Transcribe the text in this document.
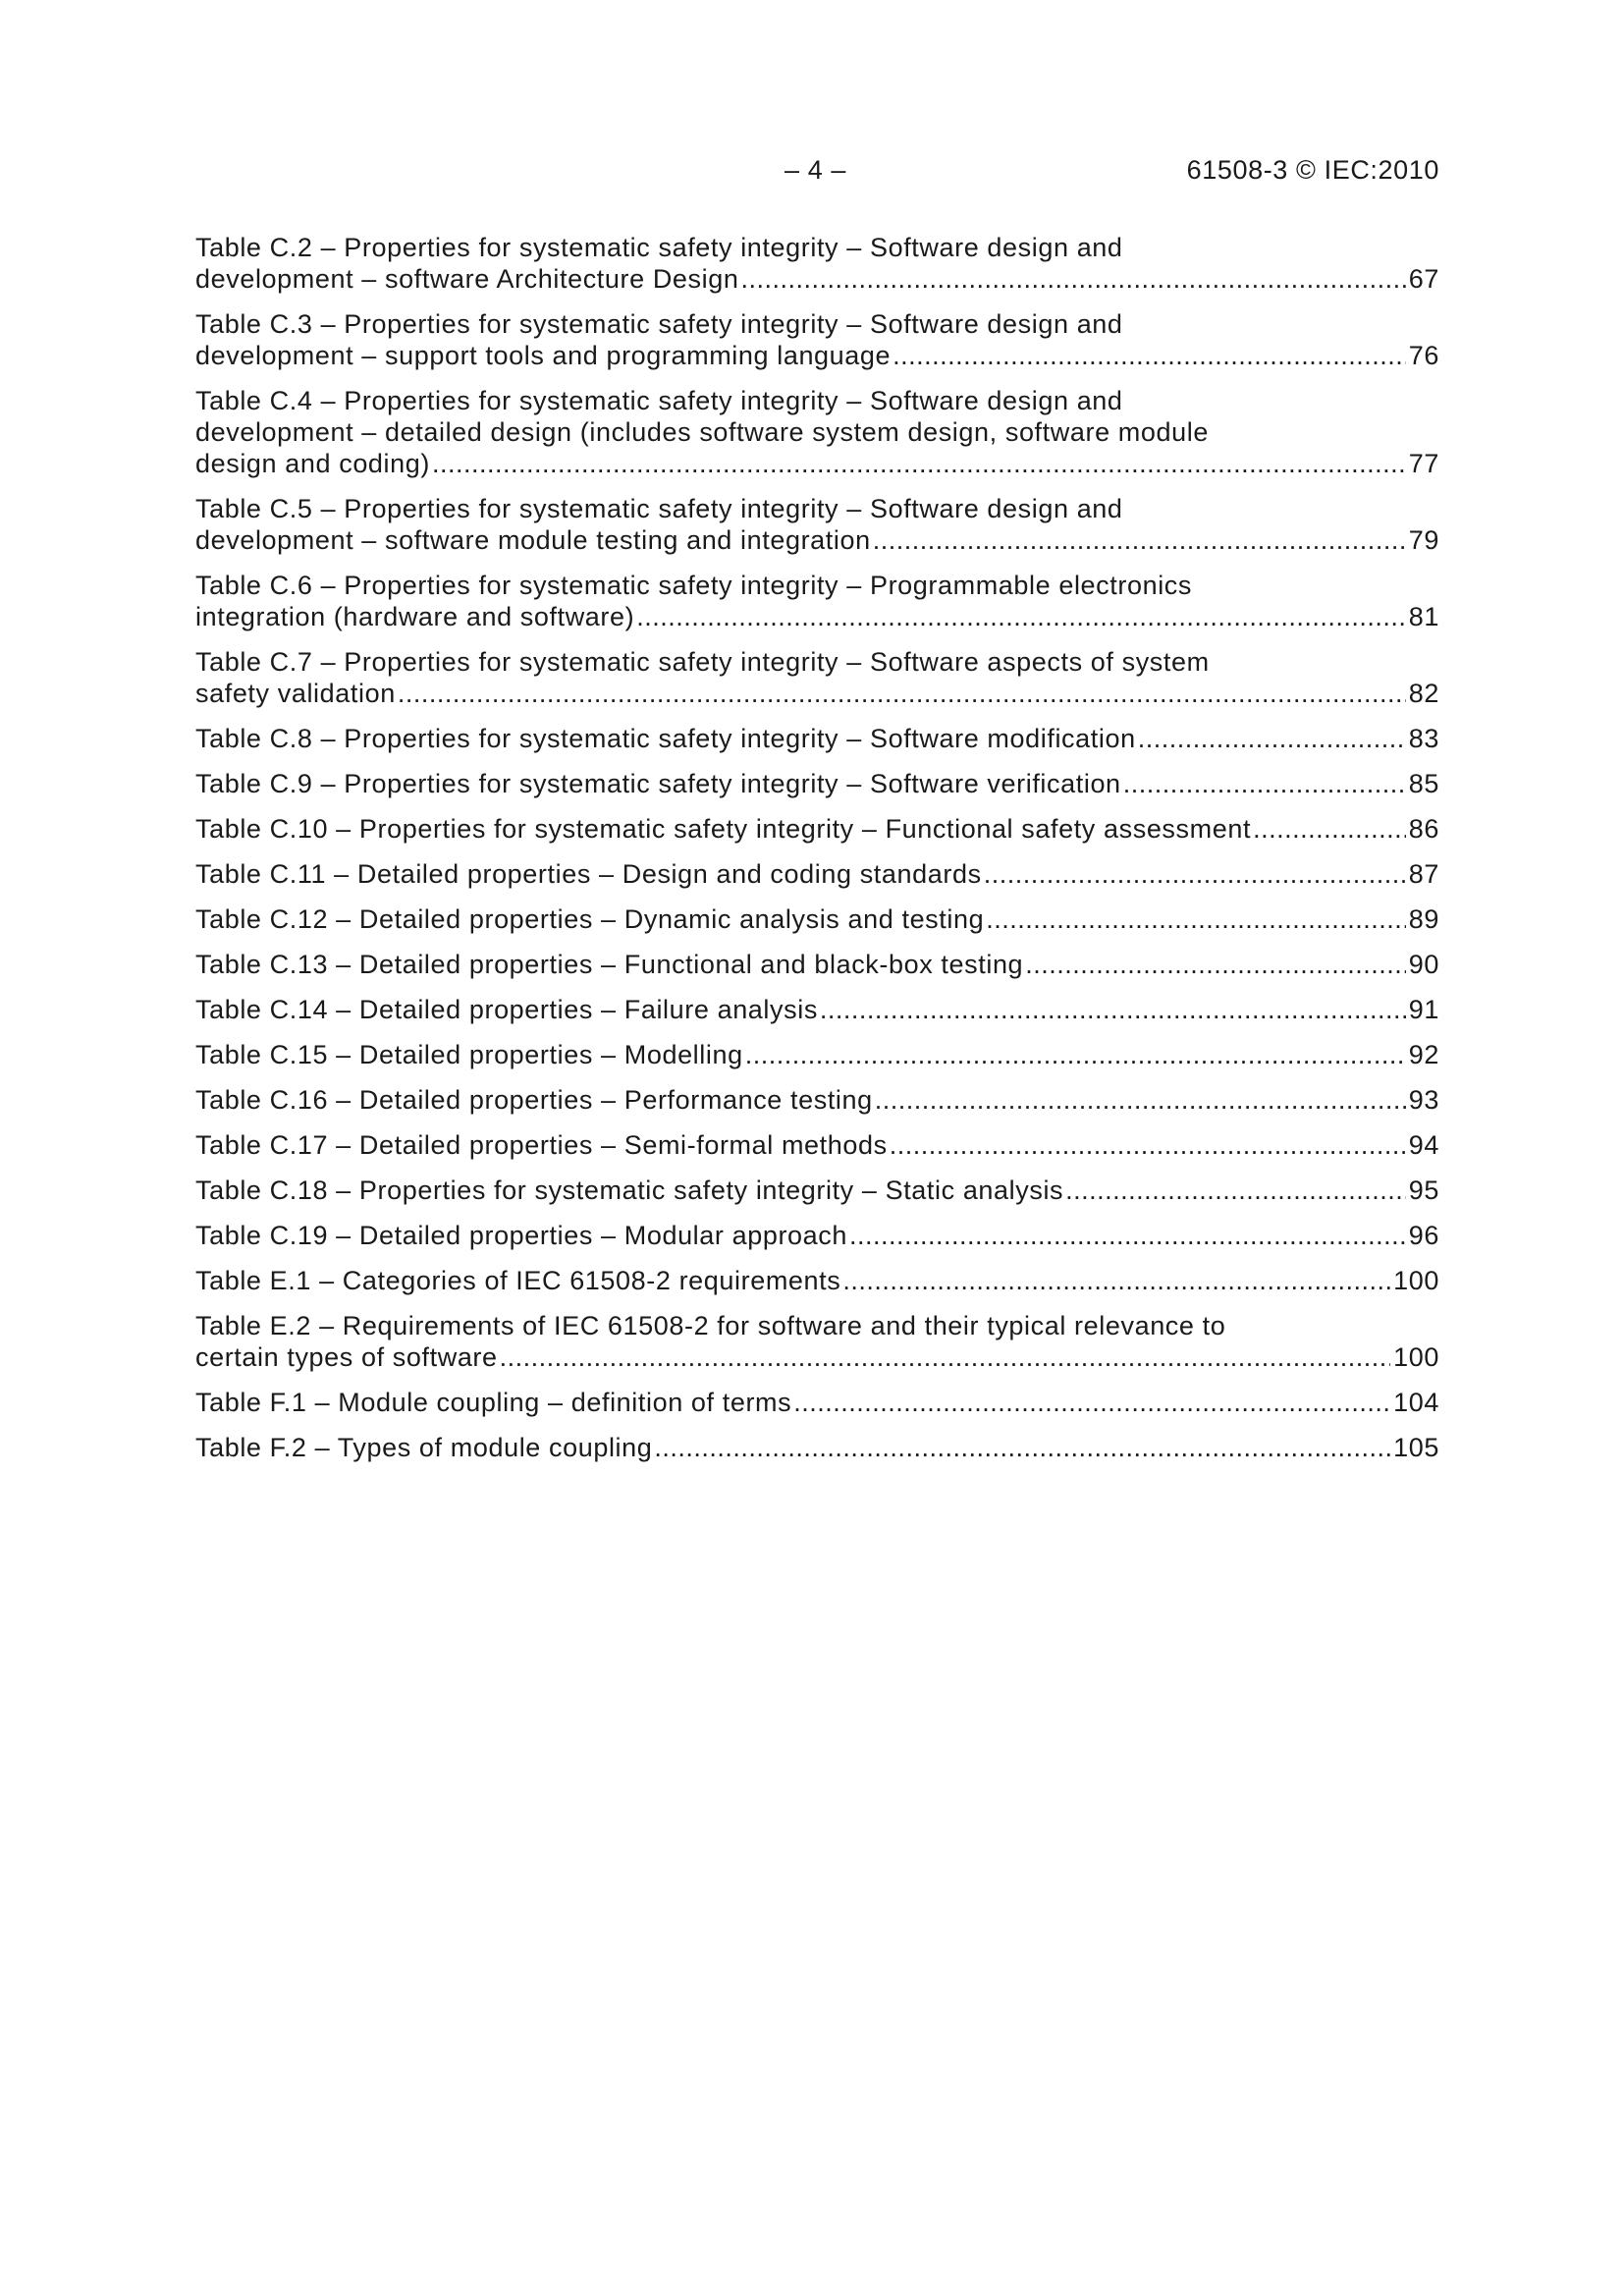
– 4 –	61508-3 © IEC:2010
Table C.2 – Properties for systematic safety integrity – Software design and
development – software Architecture Design .....	67
Table C.3 – Properties for systematic safety integrity – Software design and
development – support tools and programming language .....	76
Table C.4 – Properties for systematic safety integrity – Software design and
development – detailed design (includes software system design, software module
design and coding) .....	77
Table C.5 – Properties for systematic safety integrity – Software design and
development – software module testing and integration .....	79
Table C.6 – Properties for systematic safety integrity – Programmable electronics
integration (hardware and software) .....	81
Table C.7 – Properties for systematic safety integrity – Software aspects of system
safety validation .....	82
Table C.8 – Properties for systematic safety integrity – Software modification .....	83
Table C.9 – Properties for systematic safety integrity – Software verification .....	85
Table C.10 – Properties for systematic safety integrity – Functional safety assessment .....	86
Table C.11 – Detailed properties – Design and coding standards .....	87
Table C.12 – Detailed properties – Dynamic analysis and testing .....	89
Table C.13 – Detailed properties – Functional and black-box testing .....	90
Table C.14 – Detailed properties – Failure analysis .....	91
Table C.15 – Detailed properties – Modelling .....	92
Table C.16 – Detailed properties – Performance testing .....	93
Table C.17 – Detailed properties – Semi-formal methods .....	94
Table C.18 – Properties for systematic safety integrity – Static analysis .....	95
Table C.19 – Detailed properties – Modular approach .....	96
Table E.1 – Categories of IEC 61508-2 requirements .....	100
Table E.2 – Requirements of IEC 61508-2 for software and their typical relevance to
certain types of software .....	100
Table F.1 – Module coupling – definition of terms .....	104
Table F.2 – Types of module coupling .....	105
